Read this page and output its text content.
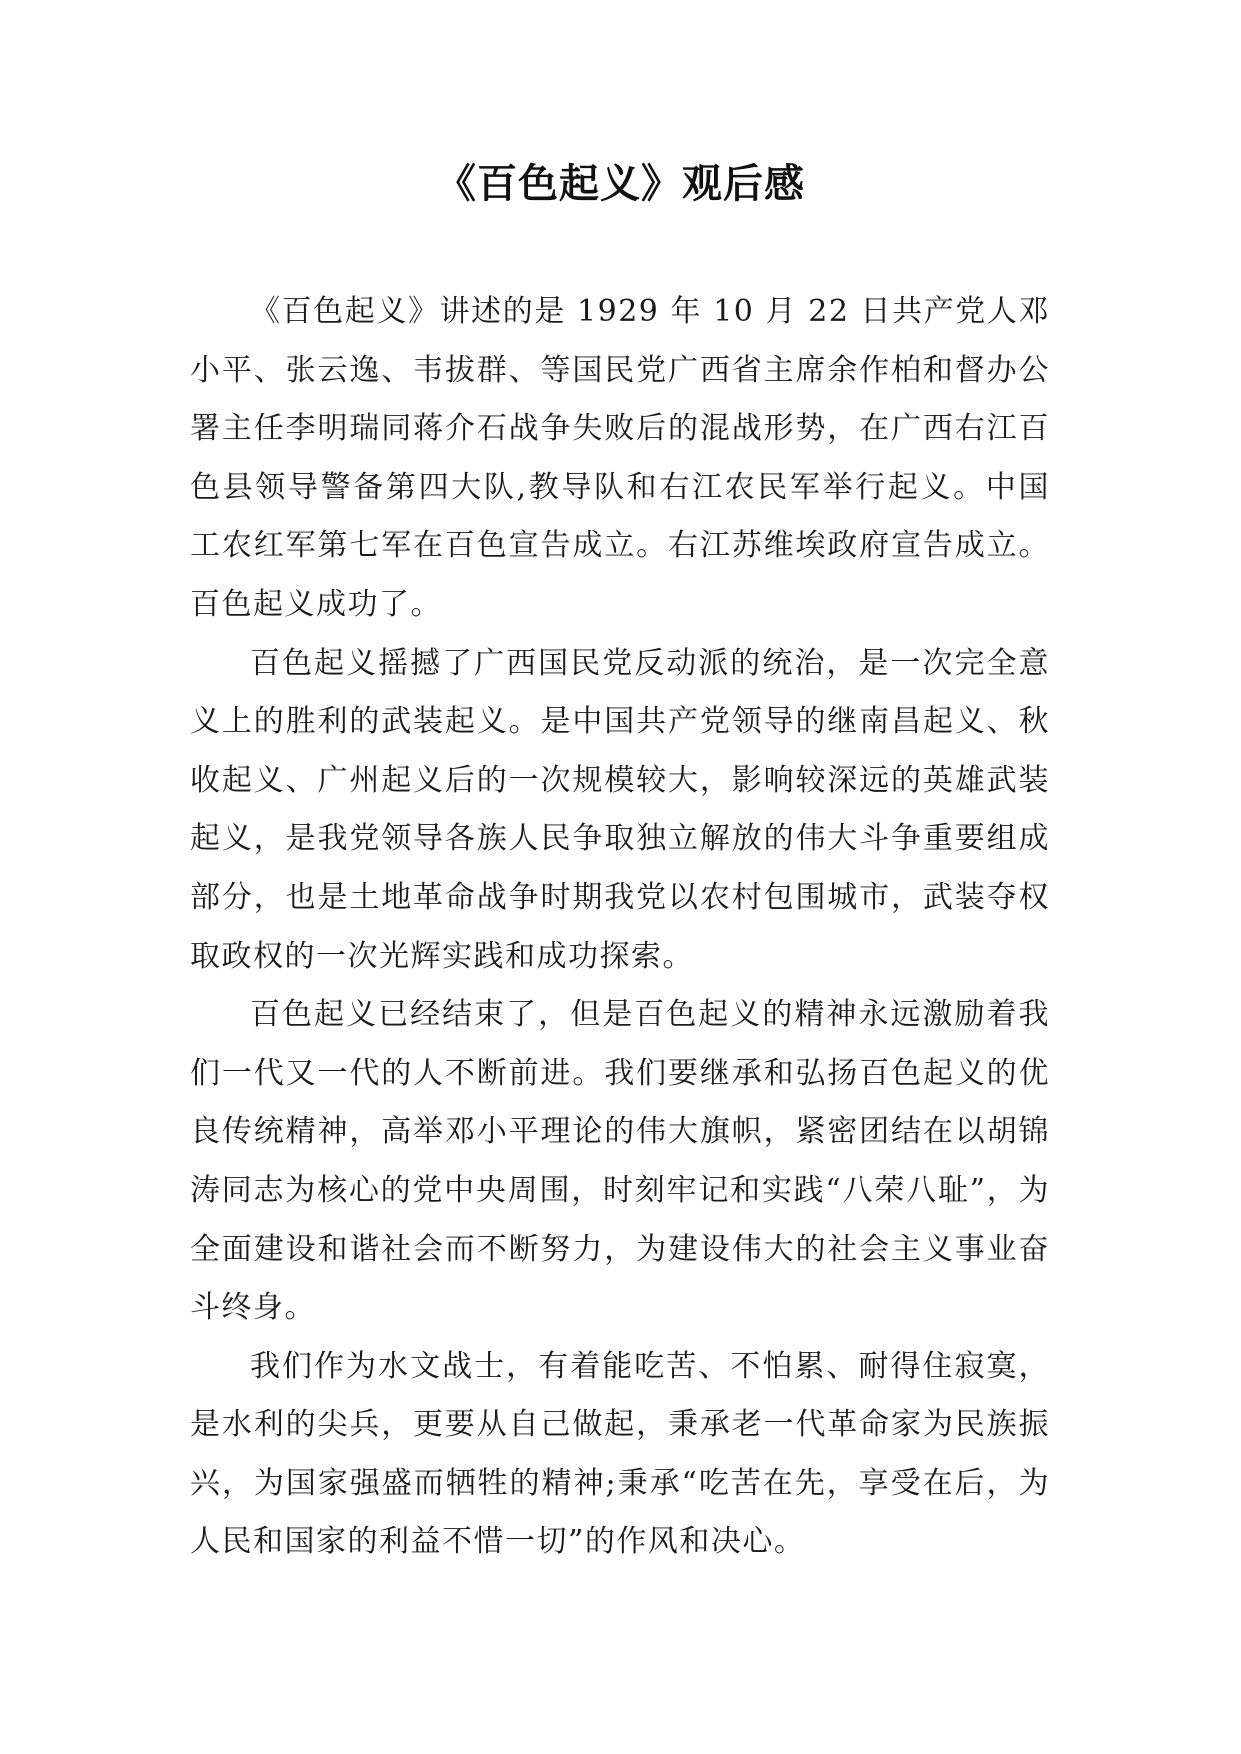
《百色起义》观后感

《百色起义》讲述的是 1929 年 10 月 22 日共产党人邓小平、张云逸、韦拔群、等国民党广西省主席余作柏和督办公署主任李明瑞同蒋介石战争失败后的混战形势，在广西右江百色县领导警备第四大队,教导队和右江农民军举行起义。中国工农红军第七军在百色宣告成立。右江苏维埃政府宣告成立。百色起义成功了。

百色起义摇撼了广西国民党反动派的统治，是一次完全意义上的胜利的武装起义。是中国共产党领导的继南昌起义、秋收起义、广州起义后的一次规模较大，影响较深远的英雄武装起义，是我党领导各族人民争取独立解放的伟大斗争重要组成部分，也是土地革命战争时期我党以农村包围城市，武装夺权取政权的一次光辉实践和成功探索。

百色起义已经结束了，但是百色起义的精神永远激励着我们一代又一代的人不断前进。我们要继承和弘扬百色起义的优良传统精神，高举邓小平理论的伟大旗帜，紧密团结在以胡锦涛同志为核心的党中央周围，时刻牢记和实践“八荣八耻”，为全面建设和谐社会而不断努力，为建设伟大的社会主义事业奋斗终身。

我们作为水文战士，有着能吃苦、不怕累、耐得住寂寞，是水利的尖兵，更要从自己做起，秉承老一代革命家为民族振兴，为国家强盛而牺牲的精神;秉承“吃苦在先，享受在后，为人民和国家的利益不惜一切”的作风和决心。
